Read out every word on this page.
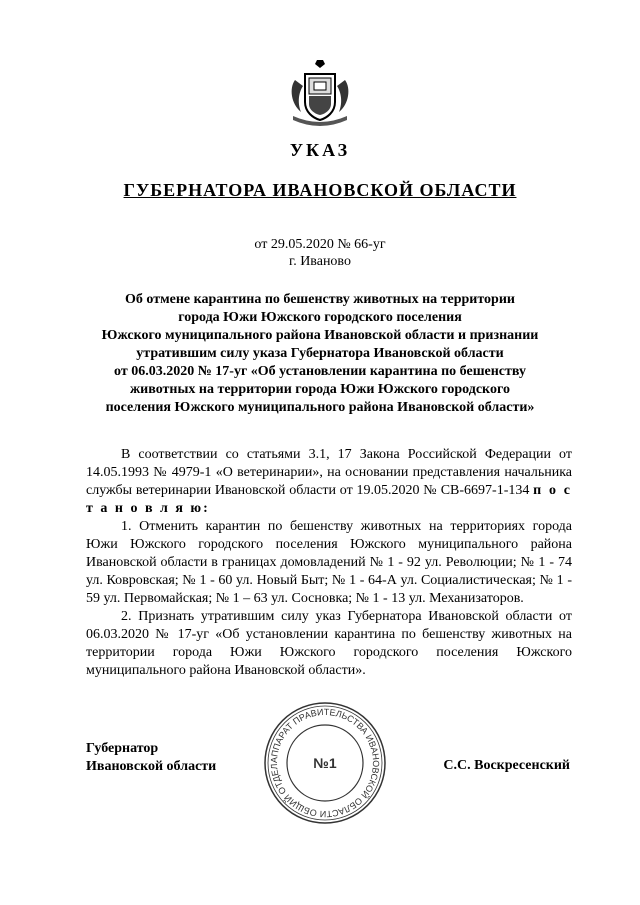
УКАЗ
ГУБЕРНАТОРА ИВАНОВСКОЙ ОБЛАСТИ
от 29.05.2020 № 66-уг
г. Иваново
Об отмене карантина по бешенству животных на территории
города Южи Южского городского поселения
Южского муниципального района Ивановской области и признании
утратившим силу указа Губернатора Ивановской области
от 06.03.2020 № 17-уг «Об установлении карантина по бешенству
животных на территории города Южи Южского городского
поселения Южского муниципального района Ивановской области»

В соответствии со статьями 3.1, 17 Закона Российской Федерации от 14.05.1993 № 4979-1 «О ветеринарии», на основании представления начальника службы ветеринарии Ивановской области от 19.05.2020 № СВ-6697-1-134 п о с т а н о в л я ю:

1. Отменить карантин по бешенству животных на территориях города Южи Южского городского поселения Южского муниципального района Ивановской области в границах домовладений № 1 - 92 ул. Революции; № 1 - 74 ул. Ковровская; № 1 - 60 ул. Новый Быт; № 1 - 64-А ул. Социалистическая; № 1 - 59 ул. Первомайская; № 1 – 63 ул. Сосновка; № 1 - 13 ул. Механизаторов.

2. Признать утратившим силу указ Губернатора Ивановской области от 06.03.2020 № 17-уг «Об установлении карантина по бешенству животных на территории города Южи Южского городского поселения Южского муниципального района Ивановской области».

Губернатор
Ивановской области	АППАРАТ ПРАВИТЕЛЬСТВА ИВАНОВСКОЙ ОБЛАСТИ ОБЩИЙ ОТДЕЛ	№1	С.С. Воскресенский
